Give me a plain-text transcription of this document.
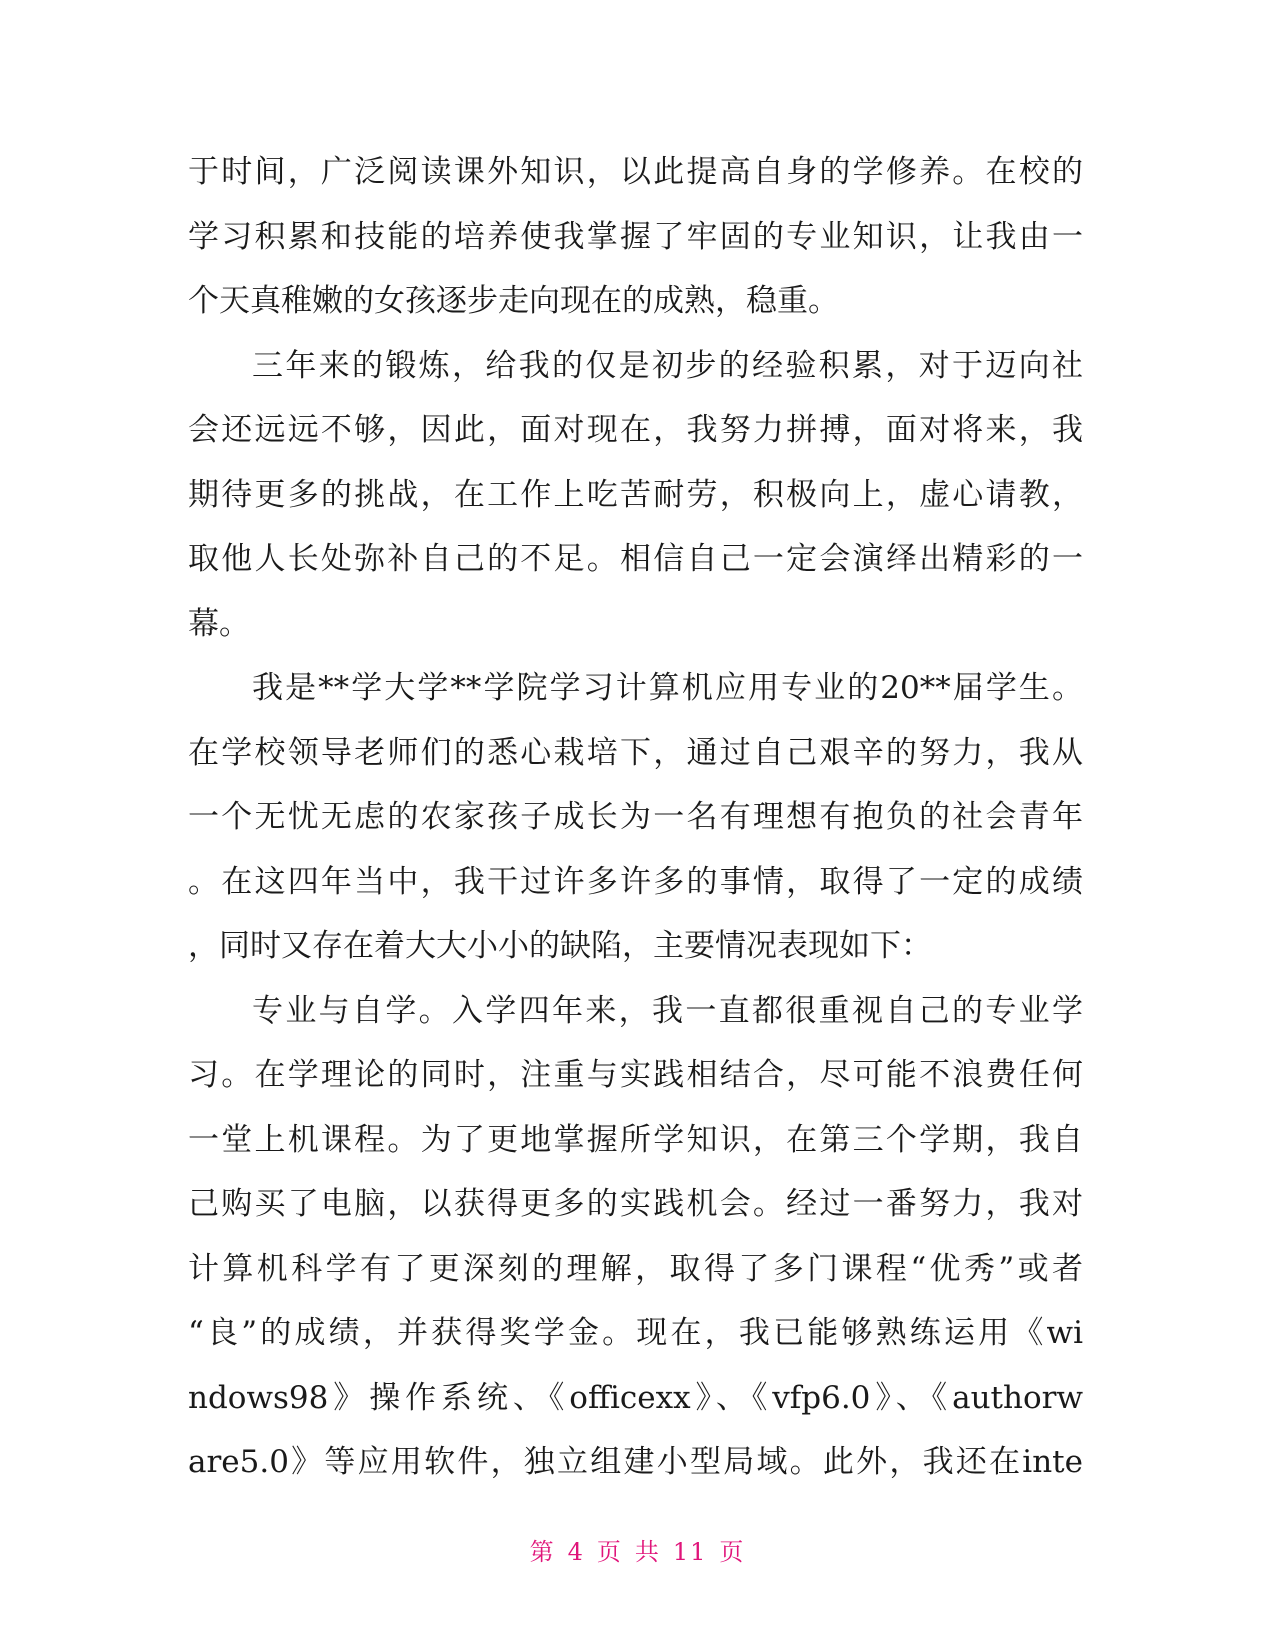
于时间，广泛阅读课外知识，以此提高自身的学修养。在校的
学习积累和技能的培养使我掌握了牢固的专业知识，让我由一
个天真稚嫩的女孩逐步走向现在的成熟，稳重。
三年来的锻炼，给我的仅是初步的经验积累，对于迈向社
会还远远不够，因此，面对现在，我努力拼搏，面对将来，我
期待更多的挑战，在工作上吃苦耐劳，积极向上，虚心请教，
取他人长处弥补自己的不足。相信自己一定会演绎出精彩的一
幕。
我是**学大学**学院学习计算机应用专业的20**届学生。
在学校领导老师们的悉心栽培下，通过自己艰辛的努力，我从
一个无忧无虑的农家孩子成长为一名有理想有抱负的社会青年
。在这四年当中，我干过许多许多的事情，取得了一定的成绩
，同时又存在着大大小小的缺陷，主要情况表现如下：
专业与自学。入学四年来，我一直都很重视自己的专业学
习。在学理论的同时，注重与实践相结合，尽可能不浪费任何
一堂上机课程。为了更地掌握所学知识，在第三个学期，我自
己购买了电脑，以获得更多的实践机会。经过一番努力，我对
计算机科学有了更深刻的理解，取得了多门课程“优秀”或者
“良”的成绩，并获得奖学金。现在，我已能够熟练运用《wi
ndows98》操作系统、《officexx》、《vfp6.0》、《authorw
are5.0》等应用软件，独立组建小型局域。此外，我还在inte
第 4 页 共 11 页
